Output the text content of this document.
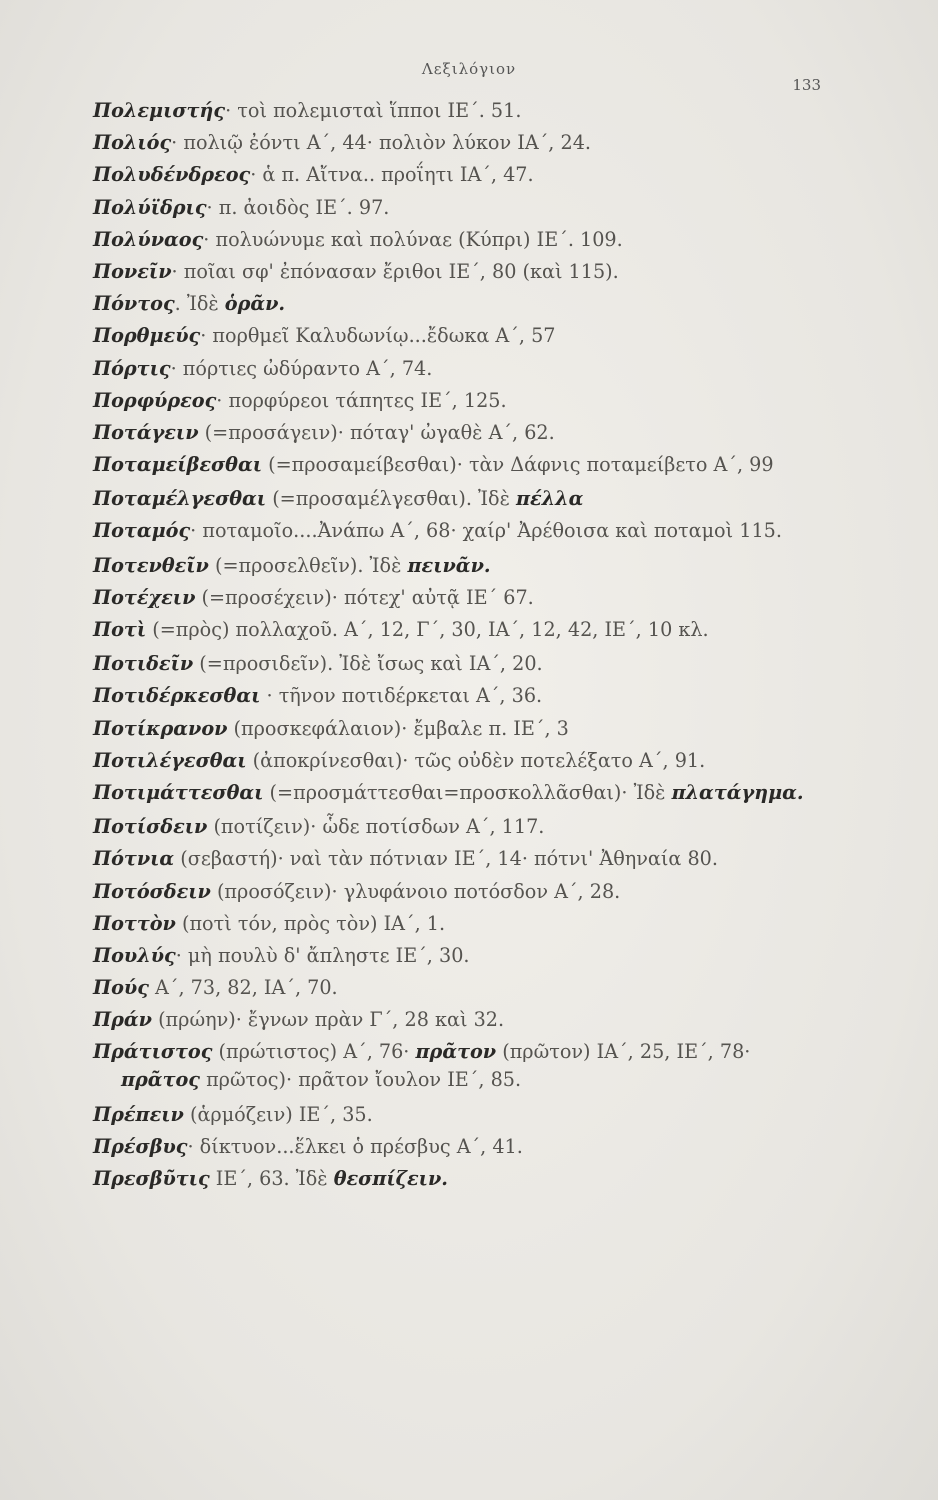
Λεξιλόγιον
133
Πολεμιστής· τοὶ πολεμισταὶ ἵπποι ΙΕ΄. 51.
Πολιός· πολιῷ ἐόντι Α΄, 44· πολιὸν λύκον ΙΑ΄, 24.
Πολυδένδρεος· ἁ π. Αἴτνα.. προΐητι ΙΑ΄, 47.
Πολύϊδρις· π. ἀοιδὸς ΙΕ΄. 97.
Πολύναος· πολυώνυμε καὶ πολύναε (Κύπρι) ΙΕ΄. 109.
Πονεῖν· ποῖαι σφ' ἐπόνασαν ἔριθοι ΙΕ΄, 80 (καὶ 115).
Πόντος. Ἰδὲ ὁρᾶν.
Πορθμεύς· πορθμεῖ Καλυδωνίῳ...ἔδωκα Α΄, 57
Πόρτις· πόρτιες ὠδύραντο Α΄, 74.
Πορφύρεος· πορφύρεοι τάπητες ΙΕ΄, 125.
Ποτάγειν (=προσάγειν)· πόταγ' ὠγαθὲ Α΄, 62.
Ποταμείβεσθαι (=προσαμείβεσθαι)· τὰν Δάφνις ποταμείβετο Α΄, 99
Ποταμέλγεσθαι (=προσαμέλγεσθαι). Ἰδὲ πέλλα
Ποταμός· ποταμοῖο....Ἀνάπω Α΄, 68· χαίρ' Ἀρέθοισα καὶ ποταμοὶ 115.
Ποτενθεῖν (=προσελθεῖν). Ἰδὲ πεινᾶν.
Ποτέχειν (=προσέχειν)· πότεχ' αὐτᾷ ΙΕ΄ 67.
Ποτὶ (=πρὸς) πολλαχοῦ. Α΄, 12, Γ΄, 30, ΙΑ΄, 12, 42, ΙΕ΄, 10 κλ.
Ποτιδεῖν (=προσιδεῖν). Ἰδὲ ἴσως καὶ ΙΑ΄, 20.
Ποτιδέρκεσθαι · τῆνον ποτιδέρκεται Α΄, 36.
Ποτίκρανον (προσκεφάλαιον)· ἔμβαλε π. ΙΕ΄, 3
Ποτιλέγεσθαι (ἀποκρίνεσθαι)· τῶς οὐδὲν ποτελέξατο Α΄, 91.
Ποτιμάττεσθαι (=προσμάττεσθαι=προσκολλᾶσθαι)· Ἰδὲ πλατάγημα.
Ποτίσδειν (ποτίζειν)· ὧδε ποτίσδων Α΄, 117.
Πότνια (σεβαστή)· ναὶ τὰν πότνιαν ΙΕ΄, 14· πότνι' Ἀθηναία 80.
Ποτόσδειν (προσόζειν)· γλυφάνοιο ποτόσδον Α΄, 28.
Ποττὸν (ποτὶ τόν, πρὸς τὸν) ΙΑ΄, 1.
Πουλύς· μὴ πουλὺ δ' ἄπληστε ΙΕ΄, 30.
Πούς Α΄, 73, 82, ΙΑ΄, 70.
Πράν (πρώην)· ἔγνων πρὰν Γ΄, 28 καὶ 32.
Πράτιστος (πρώτιστος) Α΄, 76· πρᾶτον (πρῶτον) ΙΑ΄, 25, ΙΕ΄, 78· πρᾶτος πρῶτος)· πρᾶτον ἴουλον ΙΕ΄, 85.
Πρέπειν (ἁρμόζειν) ΙΕ΄, 35.
Πρέσβυς· δίκτυον...ἕλκει ὁ πρέσβυς Α΄, 41.
Πρεσβῦτις ΙΕ΄, 63. Ἰδὲ θεσπίζειν.
